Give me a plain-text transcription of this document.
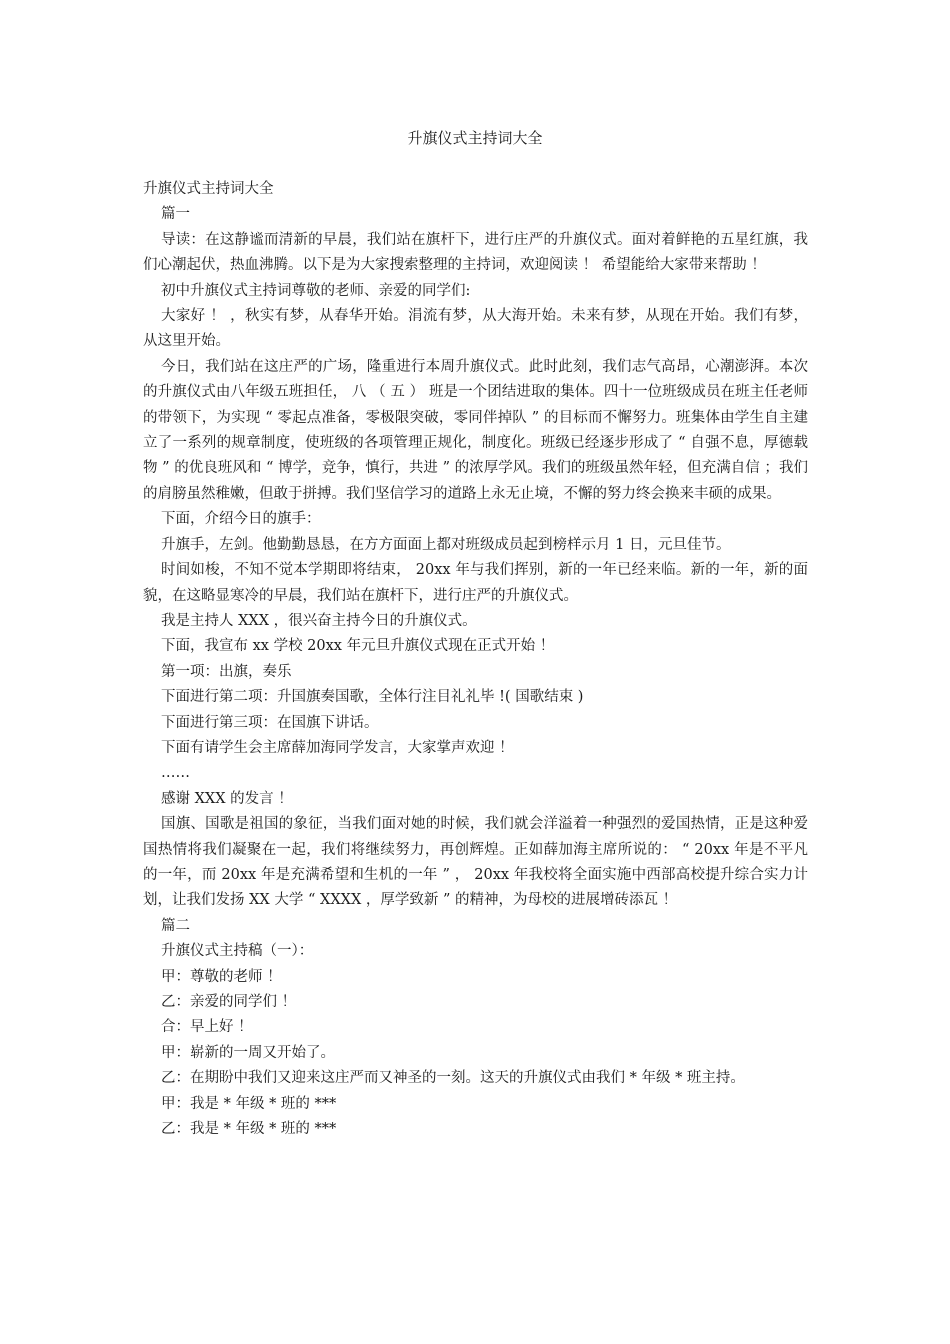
升旗仪式主持词大全

升旗仪式主持词大全

篇一

导读：在这静谧而清新的早晨，我们站在旗杆下，进行庄严的升旗仪式。面对着鲜艳的五星红旗，我们心潮起伏，热血沸腾。以下是为大家搜索整理的主持词，欢迎阅读 ！ 希望能给大家带来帮助 ！

初中升旗仪式主持词尊敬的老师、亲爱的同学们:

大家好 ！ ，秋实有梦，从春华开始。涓流有梦，从大海开始。未来有梦，从现在开始。我们有梦，从这里开始。

今日，我们站在这庄严的广场，隆重进行本周升旗仪式。此时此刻，我们志气高昂，心潮澎湃。本次的升旗仪式由八年级五班担任， 八 （ 五 ） 班是一个团结进取的集体。四十一位班级成员在班主任老师的带领下，为实现 “ 零起点准备，零极限突破，零同伴掉队 ” 的目标而不懈努力。班集体由学生自主建立了一系列的规章制度，使班级的各项管理正规化，制度化。班级已经逐步形成了 “ 自强不息，厚德载物 ” 的优良班风和 “ 博学，竞争，慎行，共进 ” 的浓厚学风。我们的班级虽然年轻，但充满自信 ；我们的肩膀虽然稚嫩，但敢于拼搏。我们坚信学习的道路上永无止境，不懈的努力终会换来丰硕的成果。

下面，介绍今日的旗手：

升旗手，左剑。他勤勤恳恳，在方方面面上都对班级成员起到榜样示月 1 日，元旦佳节。

时间如梭，不知不觉本学期即将结束， 20xx 年与我们挥别，新的一年已经来临。新的一年，新的面貌，在这略显寒冷的早晨，我们站在旗杆下，进行庄严的升旗仪式。

我是主持人 XXX ，很兴奋主持今日的升旗仪式。

下面，我宣布 xx 学校 20xx 年元旦升旗仪式现在正式开始 ！

第一项：出旗，奏乐

下面进行第二项：升国旗奏国歌，全体行注目礼礼毕 !( 国歌结束 )

下面进行第三项：在国旗下讲话。

下面有请学生会主席薛加海同学发言，大家掌声欢迎 ！

……

感谢 XXX 的发言 ！

国旗、国歌是祖国的象征，当我们面对她的时候，我们就会洋溢着一种强烈的爱国热情，正是这种爱国热情将我们凝聚在一起，我们将继续努力，再创辉煌。正如薛加海主席所说的： “ 20xx 年是不平凡的一年，而 20xx 年是充满希望和生机的一年 ” ， 20xx 年我校将全面实施中西部高校提升综合实力计划，让我们发扬 XX 大学 “ XXXX ，厚学致新 ” 的精神，为母校的进展增砖添瓦 ！

篇二

升旗仪式主持稿（一）：

甲：尊敬的老师 ！

乙：亲爱的同学们 ！

合：早上好 ！

甲：崭新的一周又开始了。

乙：在期盼中我们又迎来这庄严而又神圣的一刻。这天的升旗仪式由我们 * 年级 * 班主持。

甲：我是 * 年级 * 班的 ***

乙：我是 * 年级 * 班的 ***
